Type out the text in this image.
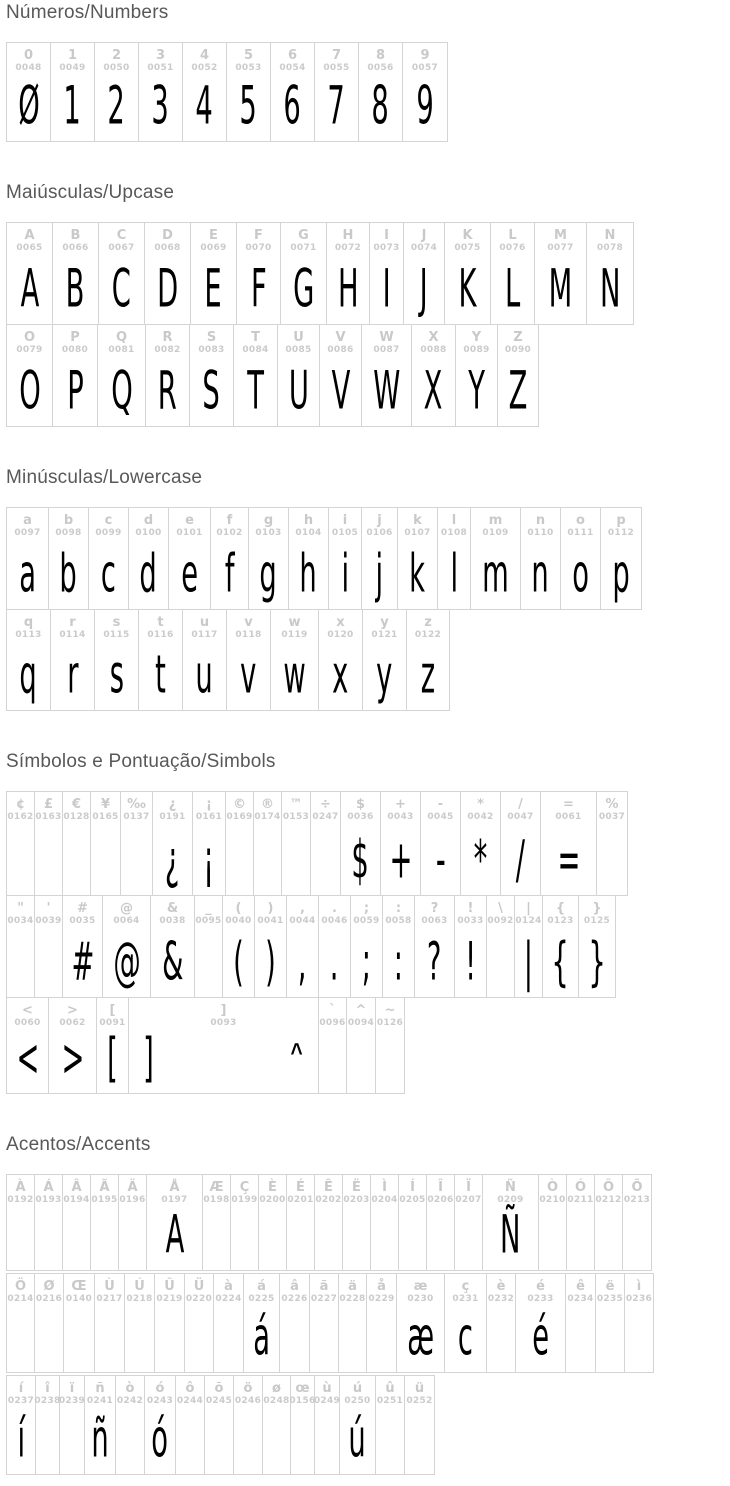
Números/Numbers
0
0048
Ø
1
0049
1
2
0050
2
3
0051
3
4
0052
4
5
0053
5
6
0054
6
7
0055
7
8
0056
8
9
0057
9
Maiúsculas/Upcase
A
0065
A
B
0066
B
C
0067
C
D
0068
D
E
0069
E
F
0070
F
G
0071
G
H
0072
H
I
0073
I
J
0074
J
K
0075
K
L
0076
L
M
0077
M
N
0078
N
O
0079
O
P
0080
P
Q
0081
Q
R
0082
R
S
0083
S
T
0084
T
U
0085
U
V
0086
V
W
0087
W
X
0088
X
Y
0089
Y
Z
0090
Z
Minúsculas/Lowercase
a
0097
a
b
0098
b
c
0099
c
d
0100
d
e
0101
e
f
0102
f
g
0103
g
h
0104
h
i
0105
i
j
0106
j
k
0107
k
l
0108
l
m
0109
m
n
0110
n
o
0111
o
p
0112
p
q
0113
q
r
0114
r
s
0115
s
t
0116
t
u
0117
u
v
0118
v
w
0119
w
x
0120
x
y
0121
y
z
0122
z
Símbolos e Pontuação/Simbols
¢
0162
£
0163
€
0128
¥
0165
‰
0137
¿
0191
¿
¡
0161
¡
©
0169
®
0174
™
0153
÷
0247
$
0036
$
+
0043
+
-
0045
-
*
0042
*
/
0047
/
=
0061
=
%
0037
"
0034
'
0039
#
0035
#
@
0064
@
&
0038
&
_
0095
(
0040
(
)
0041
)
,
0044
,
.
0046
.
;
0059
;
:
0058
:
?
0063
?
!
0033
!
\
0092
|
0124
|
{
0123
{
}
0125
}
<
0060
<
>
0062
>
[
0091
[
]
0093
]	^
`
0096
^
0094
~
0126
Acentos/Accents
À
0192
Á
0193
Â
0194
Ã
0195
Ä
0196
Å
0197
A
Æ
0198
Ç
0199
È
0200
É
0201
Ê
0202
Ë
0203
Ì
0204
Í
0205
Î
0206
Ï
0207
Ñ
0209
Ñ
Ò
0210
Ó
0211
Ô
0212
Õ
0213
Ö
0214
Ø
0216
Œ
0140
Ù
0217
Ú
0218
Û
0219
Ü
0220
à
0224
á
0225
á
â
0226
ã
0227
ä
0228
å
0229
æ
0230
æ
ç
0231
c
è
0232
é
0233
é
ê
0234
ë
0235
ì
0236
í
0237
í
î
0238
ï
0239
ñ
0241
ñ
ò
0242
ó
0243
ó
ô
0244
õ
0245
ö
0246
ø
0248
œ
0156
ù
0249
ú
0250
ú
û
0251
ü
0252
